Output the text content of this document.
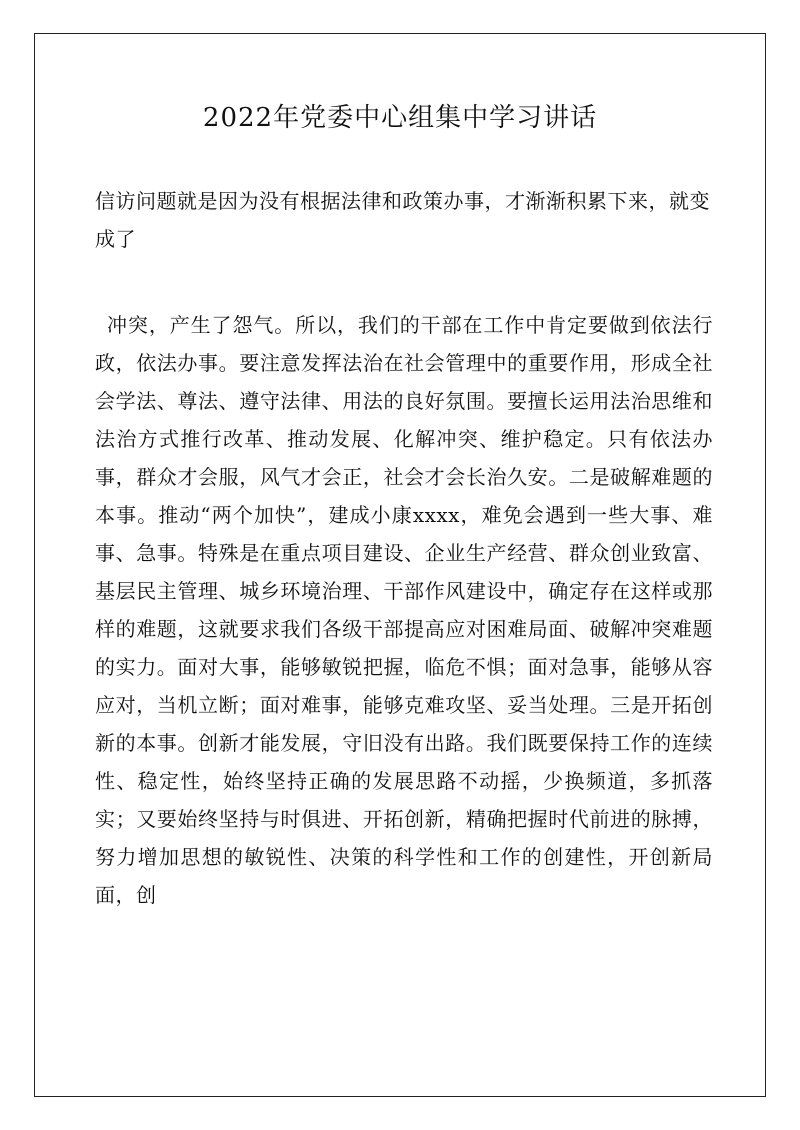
2022年党委中心组集中学习讲话

信访问题就是因为没有根据法律和政策办事，才渐渐积累下来，就变成了

冲突，产生了怨气。所以，我们的干部在工作中肯定要做到依法行政，依法办事。要注意发挥法治在社会管理中的重要作用，形成全社会学法、尊法、遵守法律、用法的良好氛围。要擅长运用法治思维和法治方式推行改革、推动发展、化解冲突、维护稳定。只有依法办事，群众才会服，风气才会正，社会才会长治久安。二是破解难题的本事。推动“两个加快”，建成小康xxxx，难免会遇到一些大事、难事、急事。特殊是在重点项目建设、企业生产经营、群众创业致富、基层民主管理、城乡环境治理、干部作风建设中，确定存在这样或那样的难题，这就要求我们各级干部提高应对困难局面、破解冲突难题的实力。面对大事，能够敏锐把握，临危不惧；面对急事，能够从容应对，当机立断；面对难事，能够克难攻坚、妥当处理。三是开拓创新的本事。创新才能发展，守旧没有出路。我们既要保持工作的连续性、稳定性，始终坚持正确的发展思路不动摇，少换频道，多抓落实；又要始终坚持与时俱进、开拓创新，精确把握时代前进的脉搏，努力增加思想的敏锐性、决策的科学性和工作的创建性，开创新局面，创
